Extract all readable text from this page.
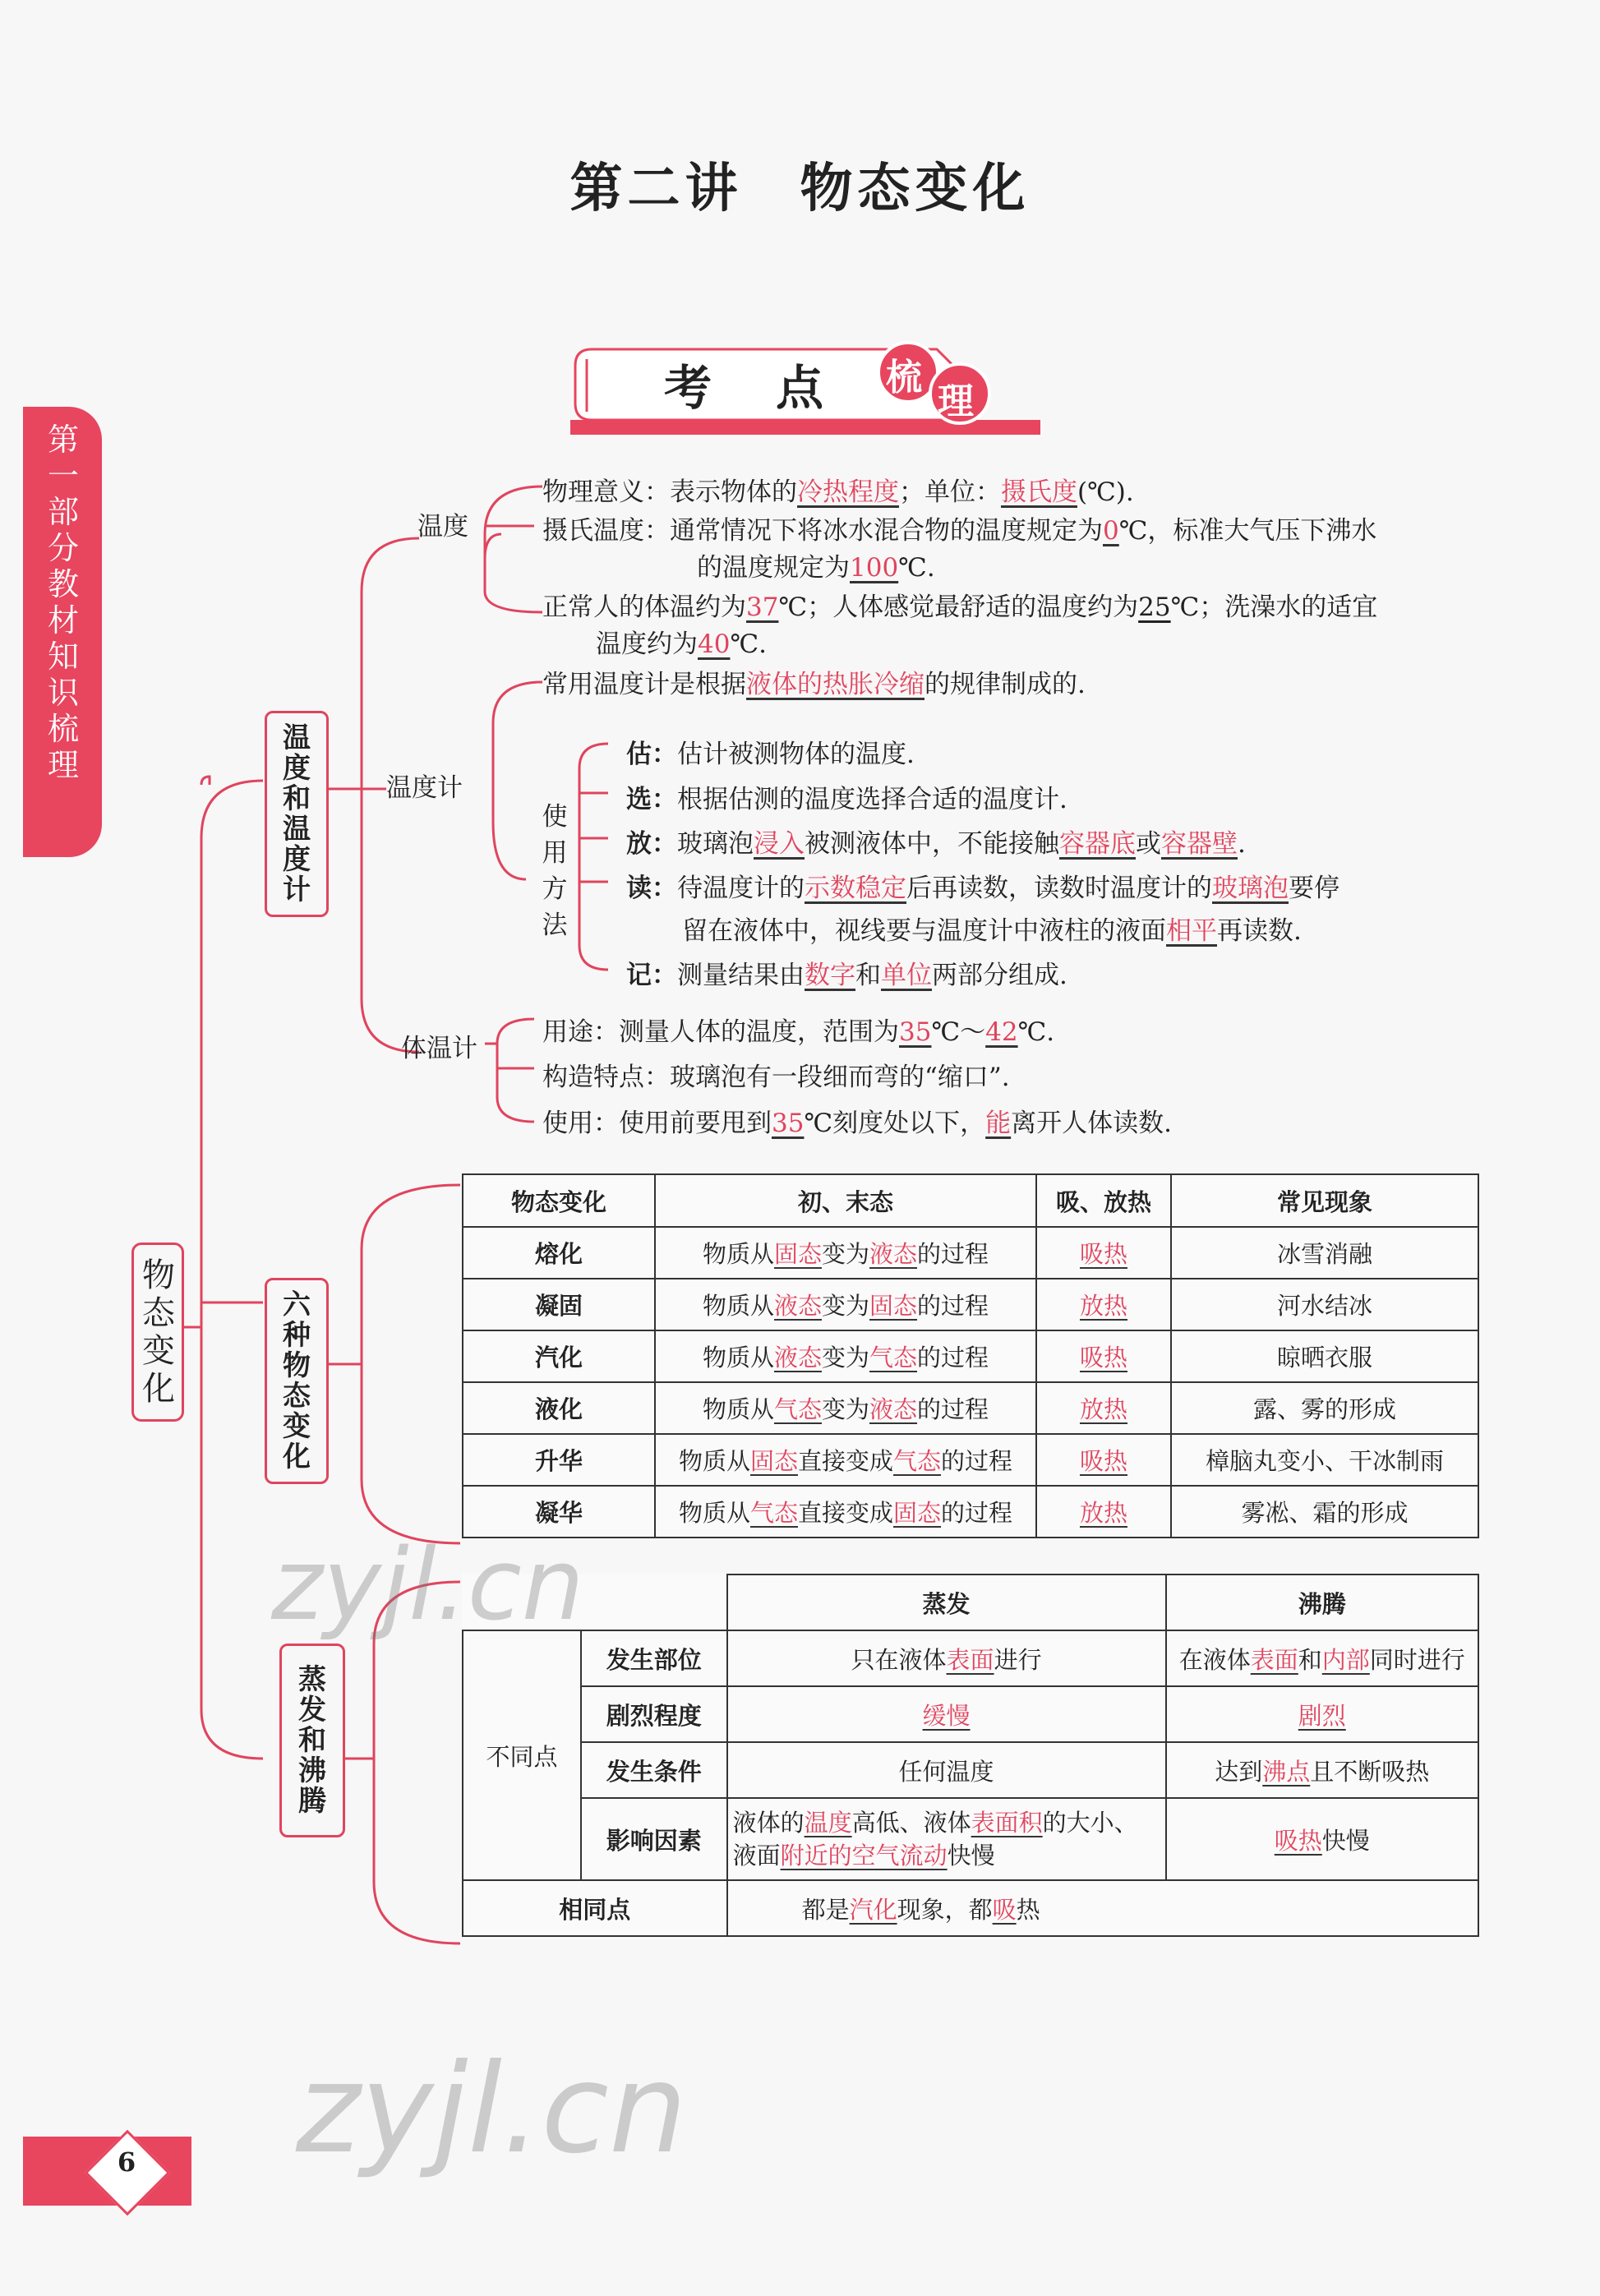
第二讲　物态变化
第一部分 教材知识梳理
考　点 梳
理
物态变化
温度和温度计
六种物态变化
蒸发和沸腾
温度
物理意义：表示物体的冷热程度；单位：摄氏度(℃).
摄氏温度：通常情况下将冰水混合物的温度规定为0℃，标准大气压下沸水
的温度规定为100℃.
正常人的体温约为37℃；人体感觉最舒适的温度约为25℃；洗澡水的适宜
温度约为40℃.
温度计
常用温度计是根据液体的热胀冷缩的规律制成的.
使用方法
估：估计被测物体的温度.
选：根据估测的温度选择合适的温度计.
放：玻璃泡浸入被测液体中，不能接触容器底或容器壁.
读：待温度计的示数稳定后再读数，读数时温度计的玻璃泡要停
留在液体中，视线要与温度计中液柱的液面相平再读数.
记：测量结果由数字和单位两部分组成.
体温计
用途：测量人体的温度，范围为35℃～42℃.
构造特点：玻璃泡有一段细而弯的“缩口”.
使用：使用前要甩到35℃刻度处以下，能离开人体读数.
物态变化	初、末态	吸、放热	常见现象
熔化	物质从固态变为液态的过程	吸热	冰雪消融
凝固	物质从液态变为固态的过程	放热	河水结冰
汽化	物质从液态变为气态的过程	吸热	晾晒衣服
液化	物质从气态变为液态的过程	放热	露、雾的形成
升华	物质从固态直接变成气态的过程	吸热	樟脑丸变小、干冰制雨
凝华	物质从气态直接变成固态的过程	放热	雾凇、霜的形成
		蒸发	沸腾
不同点	发生部位	只在液体表面进行	在液体表面和内部同时进行
	剧烈程度	缓慢	剧烈
	发生条件	任何温度	达到沸点且不断吸热
	影响因素	液体的温度高低、液体表面积的大小、
液面附近的空气流动快慢	吸热快慢
相同点		都是汽化现象，都吸热	
zyjl.cn
zyjl.cn
6
